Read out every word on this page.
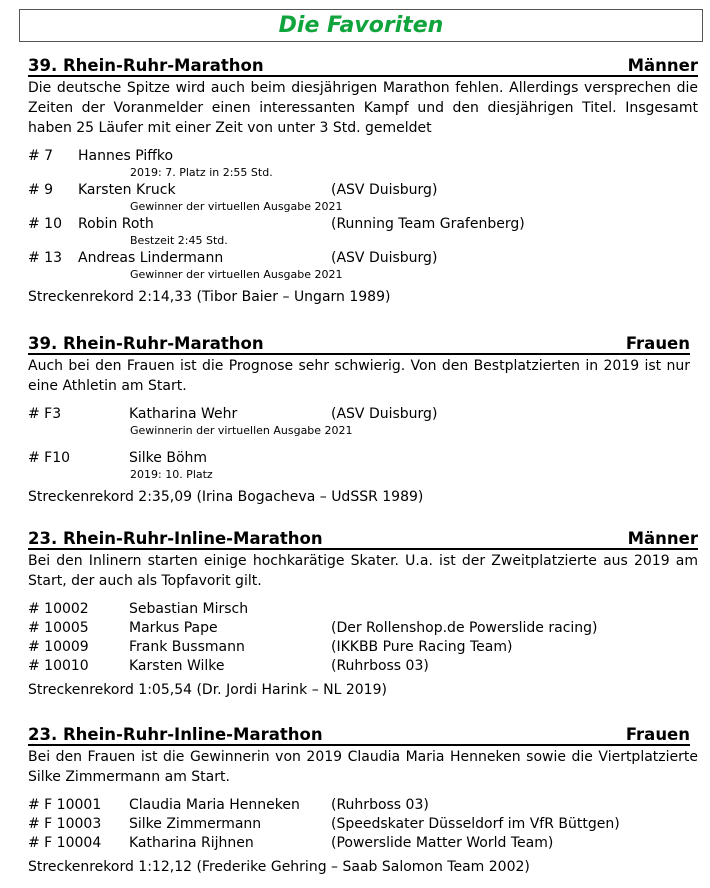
Die Favoriten
39. Rhein-Ruhr-Marathon	Männer
Die deutsche Spitze wird auch beim diesjährigen Marathon fehlen. Allerdings versprechen die Zeiten der Voranmelder einen interessanten Kampf und den diesjährigen Titel. Insgesamt haben 25 Läufer mit einer Zeit von unter 3 Std. gemeldet
# 7 Hannes Piffko
2019: 7. Platz in 2:55 Std.
# 9 Karsten Kruck	(ASV Duisburg)
Gewinner der virtuellen Ausgabe 2021
# 10 Robin Roth	(Running Team Grafenberg)
Bestzeit 2:45 Std.
# 13 Andreas Lindermann	(ASV Duisburg)
Gewinner der virtuellen Ausgabe 2021
Streckenrekord 2:14,33 (Tibor Baier – Ungarn 1989)
39. Rhein-Ruhr-Marathon	Frauen
Auch bei den Frauen ist die Prognose sehr schwierig. Von den Bestplatzierten in 2019 ist nur eine Athletin am Start.
# F3	Katharina Wehr	(ASV Duisburg)
Gewinnerin der virtuellen Ausgabe 2021
# F10	Silke Böhm
2019: 10. Platz
Streckenrekord 2:35,09 (Irina Bogacheva – UdSSR 1989)
23. Rhein-Ruhr-Inline-Marathon	Männer
Bei den Inlinern starten einige hochkarätige Skater. U.a. ist der Zweitplatzierte aus 2019 am Start, der auch als Topfavorit gilt.
# 10002	Sebastian Mirsch
# 10005	Markus Pape	(Der Rollenshop.de Powerslide racing)
# 10009	Frank Bussmann	(IKKBB Pure Racing Team)
# 10010	Karsten Wilke	(Ruhrboss 03)
Streckenrekord 1:05,54 (Dr. Jordi Harink – NL 2019)
23. Rhein-Ruhr-Inline-Marathon	Frauen
Bei den Frauen ist die Gewinnerin von 2019 Claudia Maria Henneken sowie die Viertplatzierte Silke Zimmermann am Start.
# F 10001 Claudia Maria Henneken (Ruhrboss 03)
# F 10003 Silke Zimmermann	(Speedskater Düsseldorf im VfR Büttgen)
# F 10004 Katharina Rijhnen	(Powerslide Matter World Team)
Streckenrekord 1:12,12 (Frederike Gehring – Saab Salomon Team 2002)
